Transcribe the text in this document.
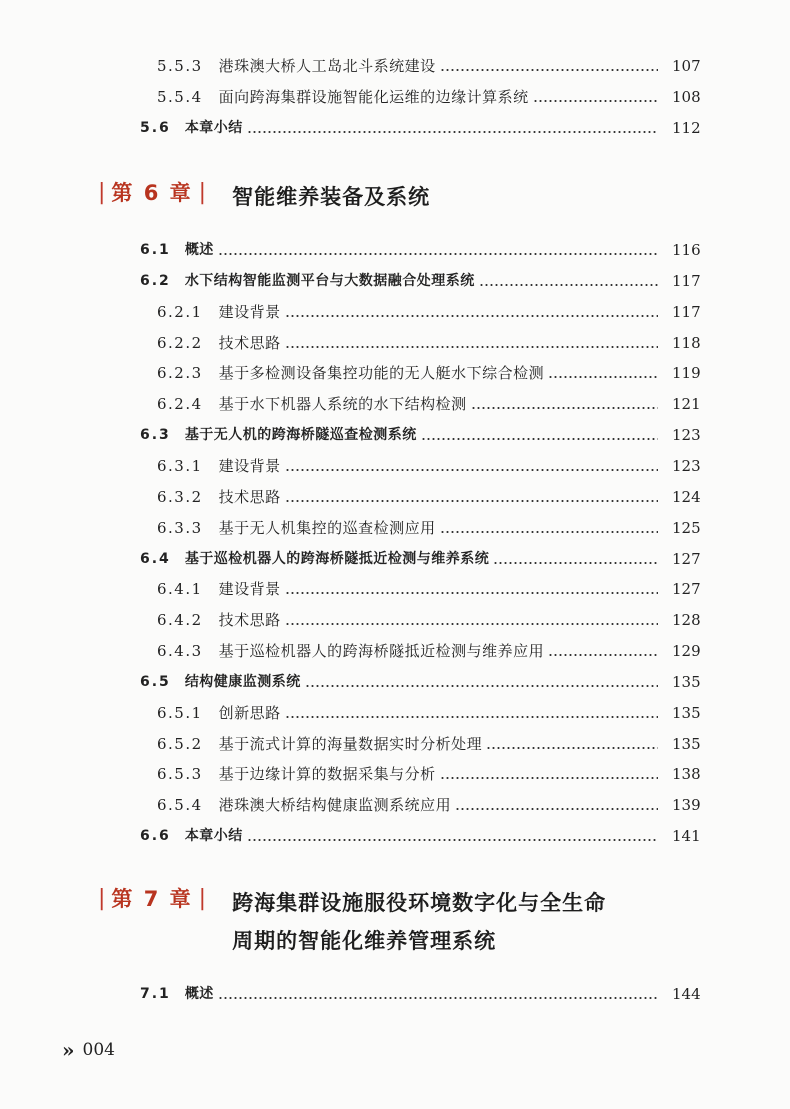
5.5.3 港珠澳大桥人工岛北斗系统建设	107
5.5.4 面向跨海集群设施智能化运维的边缘计算系统	108
5.6 本章小结	112
| 第 6 章 | 智能维养装备及系统
6.1 概述	116
6.2 水下结构智能监测平台与大数据融合处理系统	117
6.2.1 建设背景	117
6.2.2 技术思路	118
6.2.3 基于多检测设备集控功能的无人艇水下综合检测	119
6.2.4 基于水下机器人系统的水下结构检测	121
6.3 基于无人机的跨海桥隧巡查检测系统	123
6.3.1 建设背景	123
6.3.2 技术思路	124
6.3.3 基于无人机集控的巡查检测应用	125
6.4 基于巡检机器人的跨海桥隧抵近检测与维养系统	127
6.4.1 建设背景	127
6.4.2 技术思路	128
6.4.3 基于巡检机器人的跨海桥隧抵近检测与维养应用	129
6.5 结构健康监测系统	135
6.5.1 创新思路	135
6.5.2 基于流式计算的海量数据实时分析处理	135
6.5.3 基于边缘计算的数据采集与分析	138
6.5.4 港珠澳大桥结构健康监测系统应用	139
6.6 本章小结	141
| 第 7 章 | 跨海集群设施服役环境数字化与全生命
周期的智能化维养管理系统
7.1 概述	144
» 004
